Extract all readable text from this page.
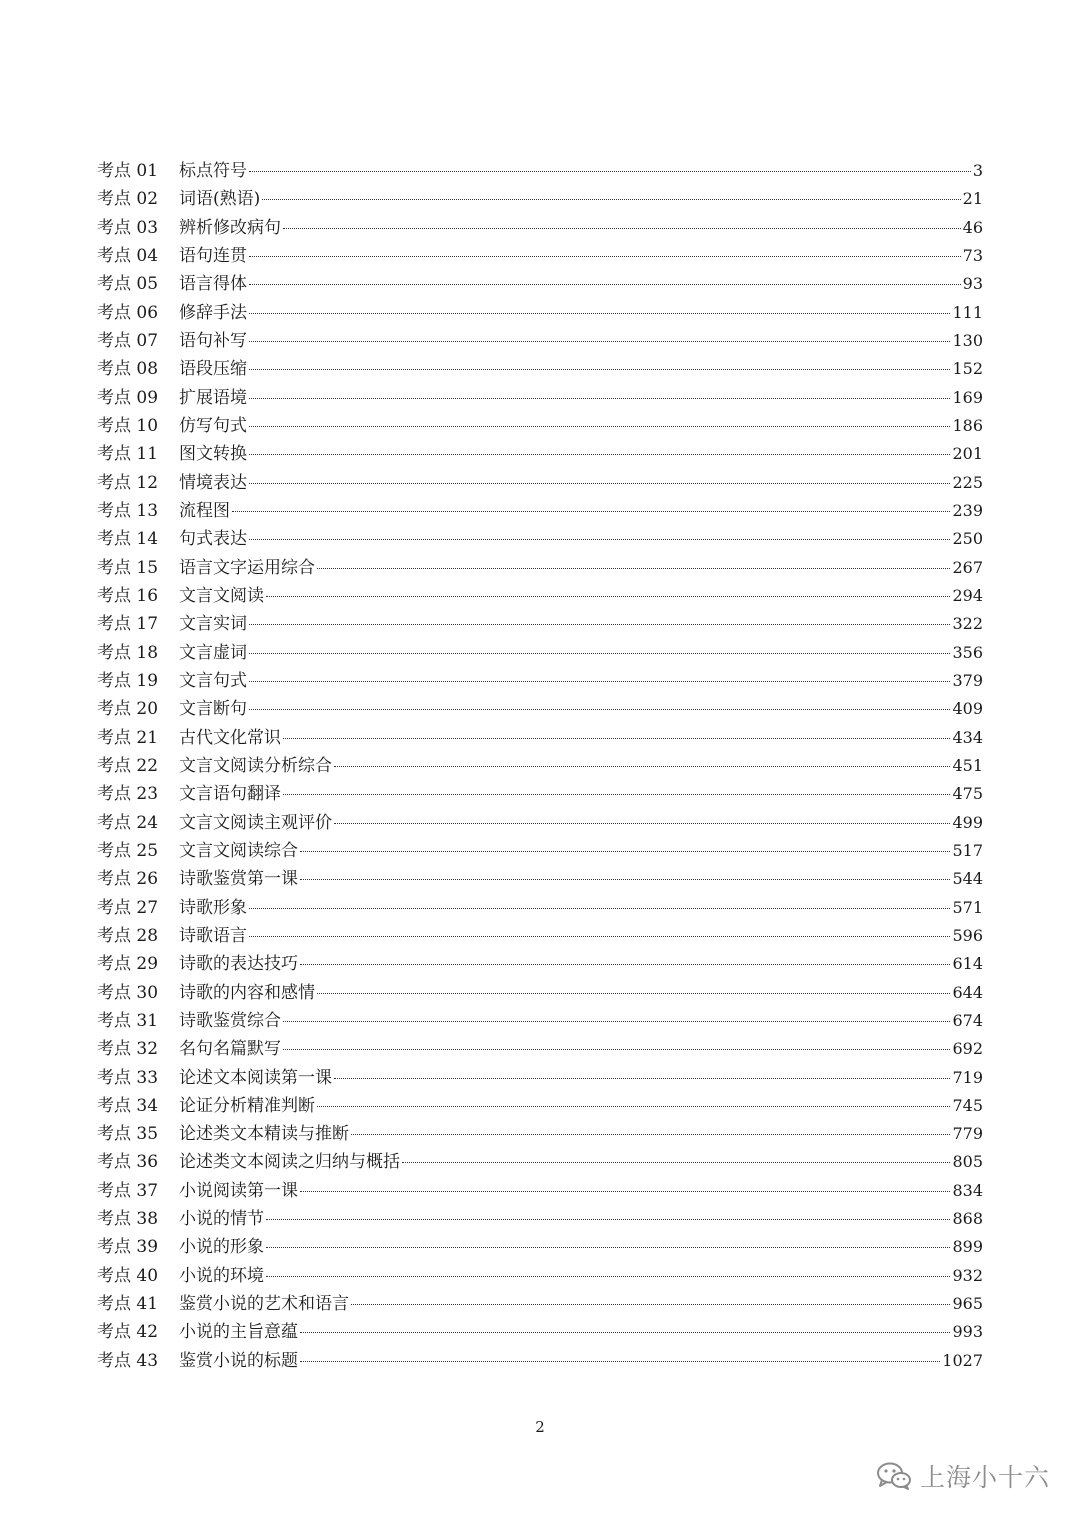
考点 01	标点符号	3
考点 02	词语(熟语)	21
考点 03	辨析修改病句	46
考点 04	语句连贯	73
考点 05	语言得体	93
考点 06	修辞手法	111
考点 07	语句补写	130
考点 08	语段压缩	152
考点 09	扩展语境	169
考点 10	仿写句式	186
考点 11	图文转换	201
考点 12	情境表达	225
考点 13	流程图	239
考点 14	句式表达	250
考点 15	语言文字运用综合	267
考点 16	文言文阅读	294
考点 17	文言实词	322
考点 18	文言虚词	356
考点 19	文言句式	379
考点 20	文言断句	409
考点 21	古代文化常识	434
考点 22	文言文阅读分析综合	451
考点 23	文言语句翻译	475
考点 24	文言文阅读主观评价	499
考点 25	文言文阅读综合	517
考点 26	诗歌鉴赏第一课	544
考点 27	诗歌形象	571
考点 28	诗歌语言	596
考点 29	诗歌的表达技巧	614
考点 30	诗歌的内容和感情	644
考点 31	诗歌鉴赏综合	674
考点 32	名句名篇默写	692
考点 33	论述文本阅读第一课	719
考点 34	论证分析精准判断	745
考点 35	论述类文本精读与推断	779
考点 36	论述类文本阅读之归纳与概括	805
考点 37	小说阅读第一课	834
考点 38	小说的情节	868
考点 39	小说的形象	899
考点 40	小说的环境	932
考点 41	鉴赏小说的艺术和语言	965
考点 42	小说的主旨意蕴	993
考点 43	鉴赏小说的标题	1027
2
上海小十六
